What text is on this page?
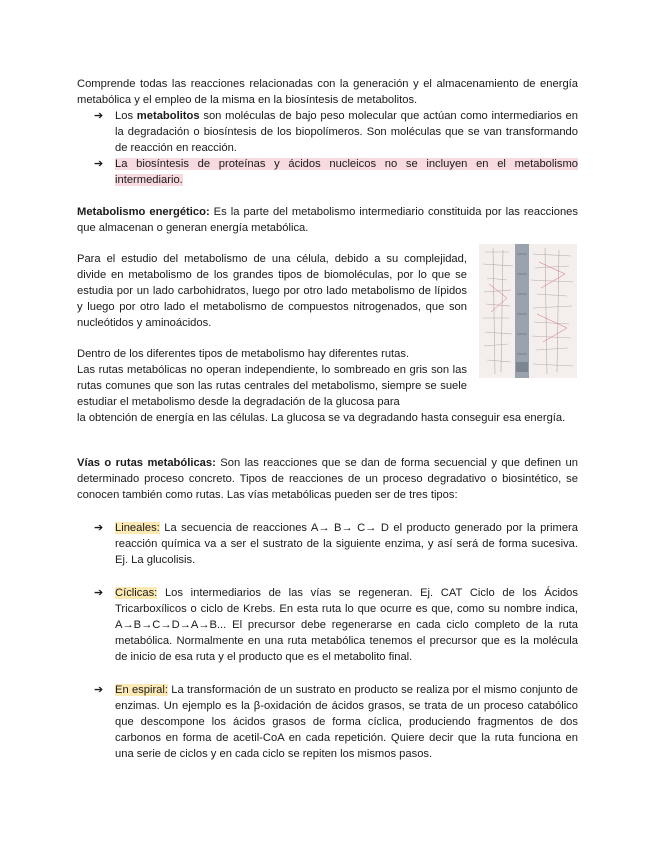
Comprende todas las reacciones relacionadas con la generación y el almacenamiento de energía metabólica y el empleo de la misma en la biosíntesis de metabolitos.

➔ Los metabolitos son moléculas de bajo peso molecular que actúan como intermediarios en la degradación o biosíntesis de los biopolímeros. Son moléculas que se van transformando de reacción en reacción.

➔ La biosíntesis de proteínas y ácidos nucleicos no se incluyen en el metabolismo intermediario.

Metabolismo energético: Es la parte del metabolismo intermediario constituida por las reacciones que almacenan o generan energía metabólica.

Para el estudio del metabolismo de una célula, debido a su complejidad, divide en metabolismo de los grandes tipos de biomoléculas, por lo que se estudia por un lado carbohidratos, luego por otro lado metabolismo de lípidos y luego por otro lado el metabolismo de compuestos nitrogenados, que son nucleótidos y aminoácidos.

Dentro de los diferentes tipos de metabolismo hay diferentes rutas.

Las rutas metabólicas no operan independiente, lo sombreado en gris son las rutas comunes que son las rutas centrales del metabolismo, siempre se suele estudiar el metabolismo desde la degradación de la glucosa para

la obtención de energía en las células. La glucosa se va degradando hasta conseguir esa energía.

Vías o rutas metabólicas: Son las reacciones que se dan de forma secuencial y que definen un determinado proceso concreto. Tipos de reacciones de un proceso degradativo o biosintético, se conocen también como rutas. Las vías metabólicas pueden ser de tres tipos:

➔ Lineales: La secuencia de reacciones A→ B→ C→ D el producto generado por la primera reacción química va a ser el sustrato de la siguiente enzima, y así será de forma sucesiva. Ej. La glucolisis.

➔ Cíclicas: Los intermediarios de las vías se regeneran. Ej. CAT Ciclo de los Ácidos Tricarboxílicos o ciclo de Krebs. En esta ruta lo que ocurre es que, como su nombre indica, A→B→C→D→A→B... El precursor debe regenerarse en cada ciclo completo de la ruta metabólica. Normalmente en una ruta metabólica tenemos el precursor que es la molécula de inicio de esa ruta y el producto que es el metabolito final.

➔ En espiral: La transformación de un sustrato en producto se realiza por el mismo conjunto de enzimas. Un ejemplo es la β-oxidación de ácidos grasos, se trata de un proceso catabólico que descompone los ácidos grasos de forma cíclica, produciendo fragmentos de dos carbonos en forma de acetil-CoA en cada repetición. Quiere decir que la ruta funciona en una serie de ciclos y en cada ciclo se repiten los mismos pasos.
